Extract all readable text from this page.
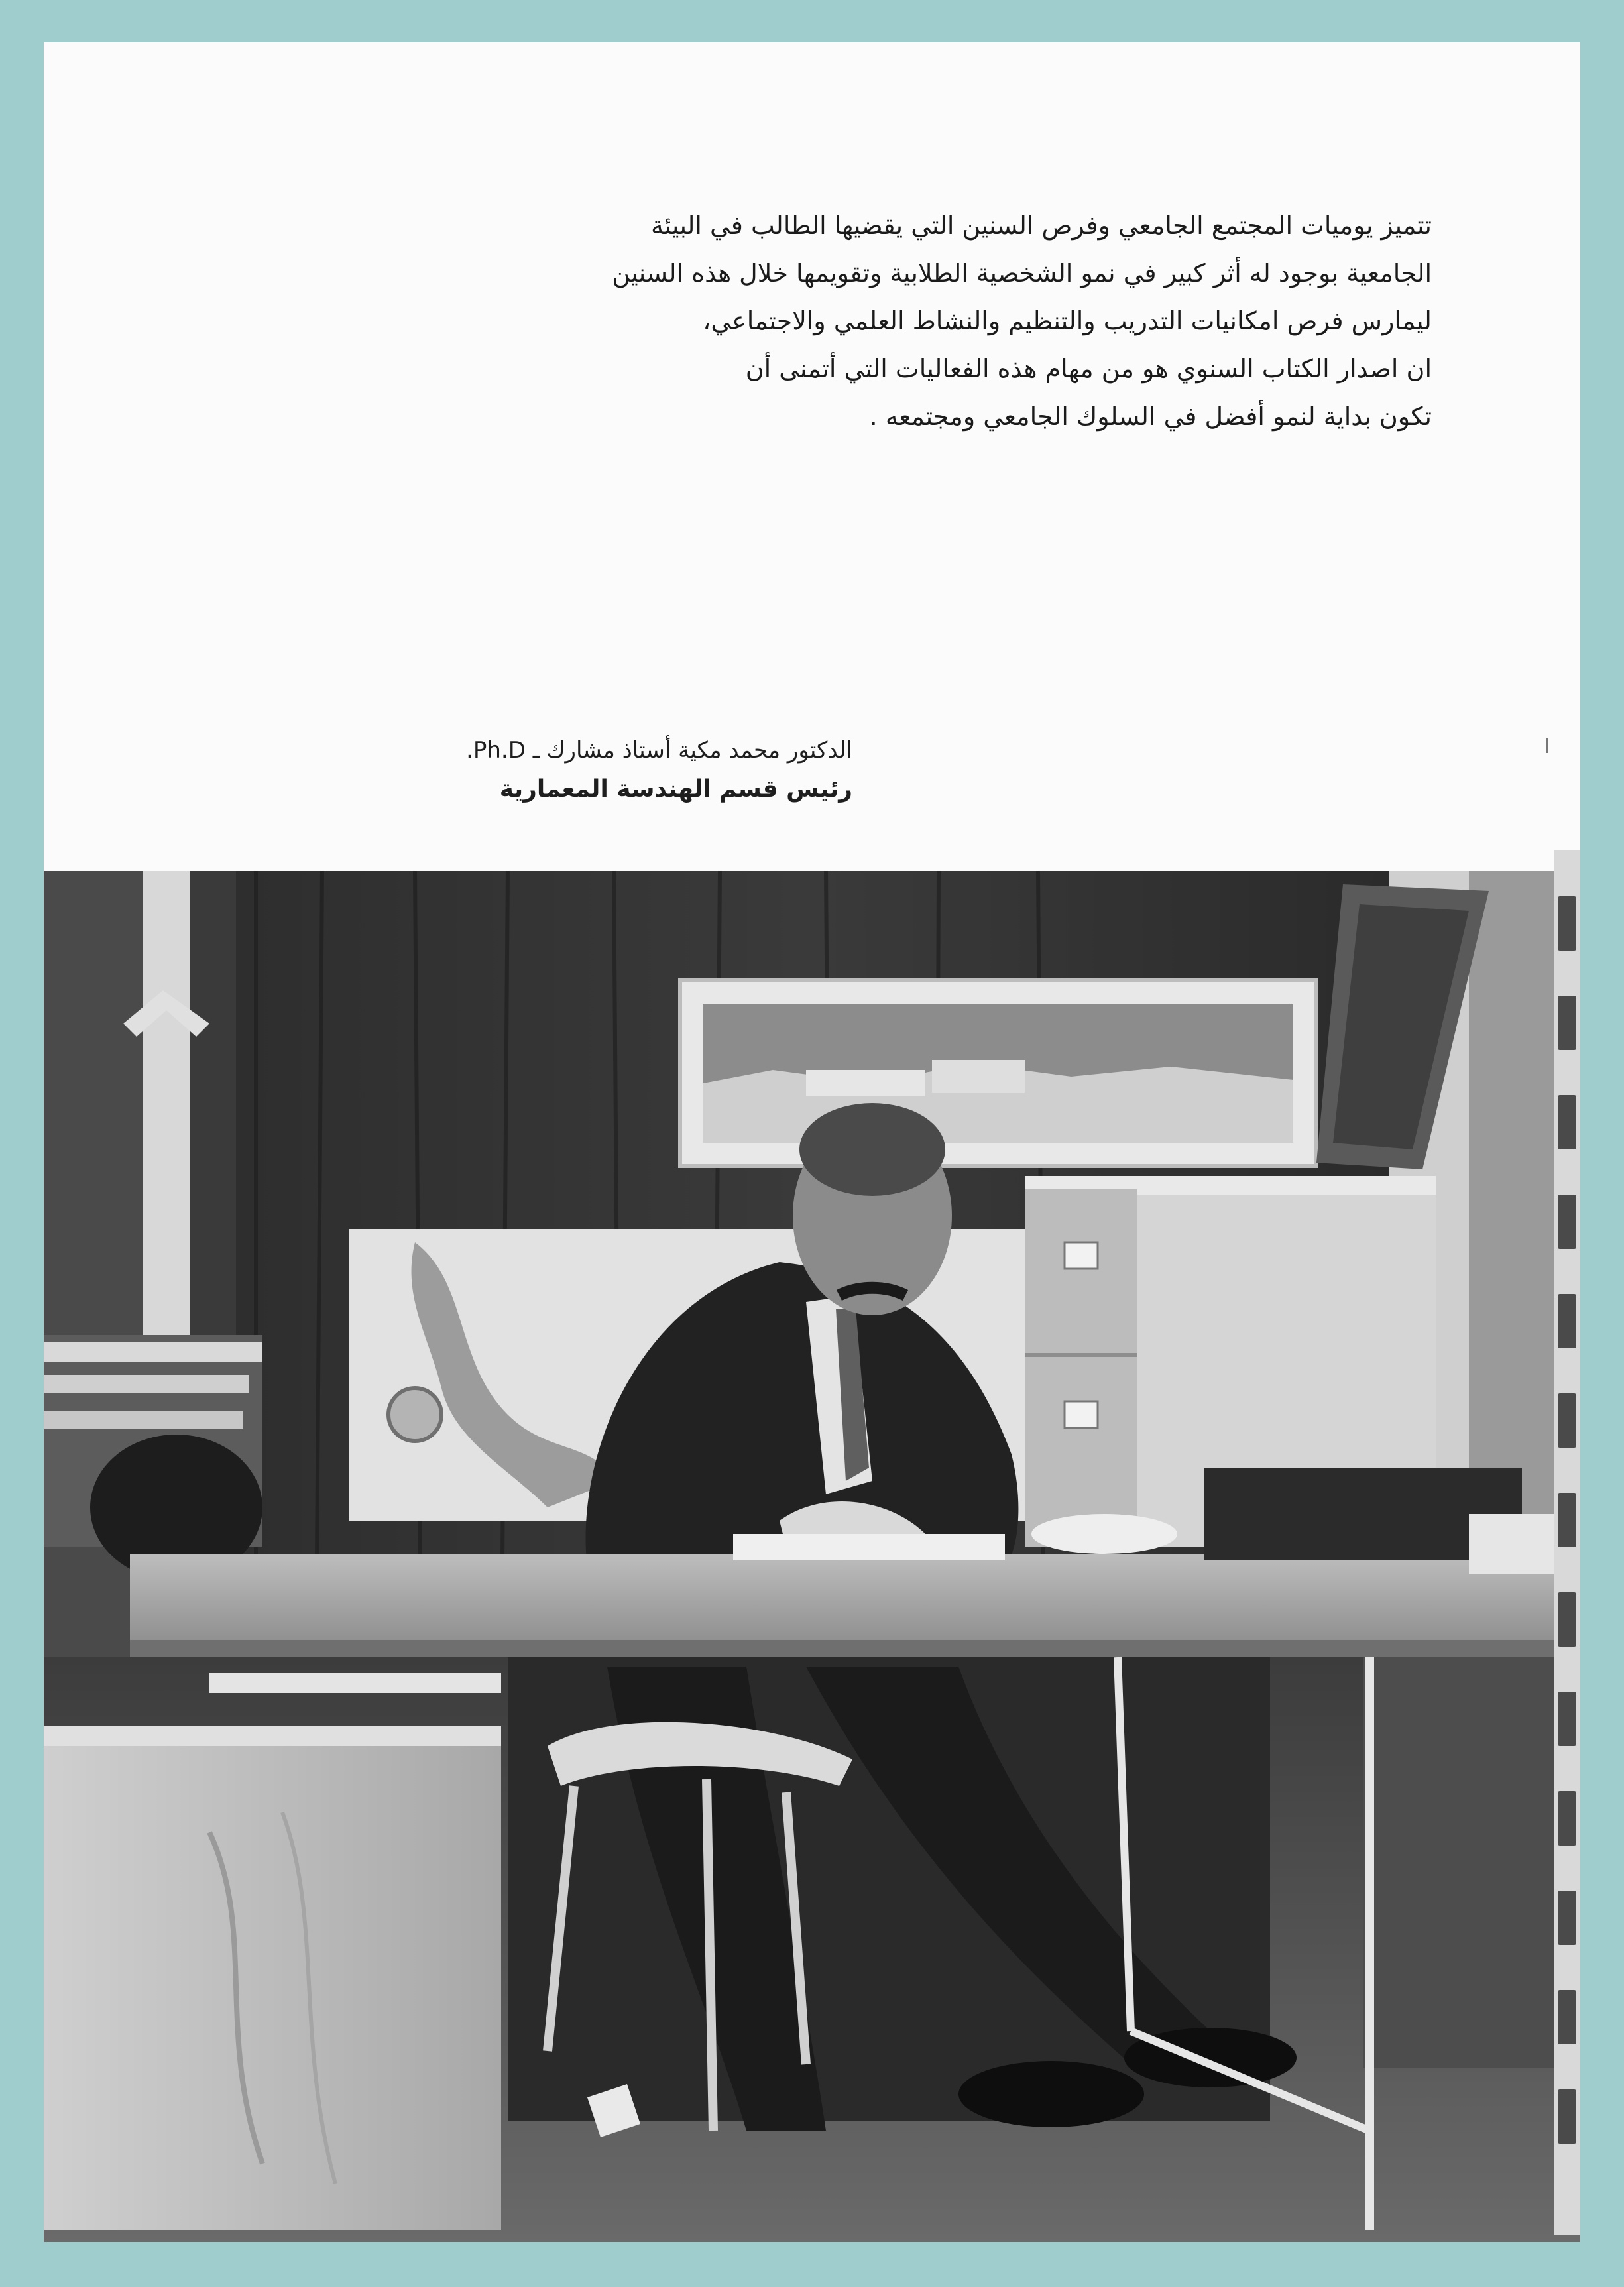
تتميز يوميات المجتمع الجامعي وفرص السنين التي يقضيها الطالب في البيئة
الجامعية بوجود له أثر كبير في نمو الشخصية الطلابية وتقويمها خلال هذه السنين
ليمارس فرص امكانيات التدريب والتنظيم والنشاط العلمي والاجتماعي،
ان اصدار الكتاب السنوي هو من مهام هذه الفعاليات التي أتمنى أن
تكون بداية لنمو أفضل في السلوك الجامعي ومجتمعه .
الدكتور محمد مكية أستاذ مشارك ـ Ph.D.
رئيس قسم الهندسة المعمارية
